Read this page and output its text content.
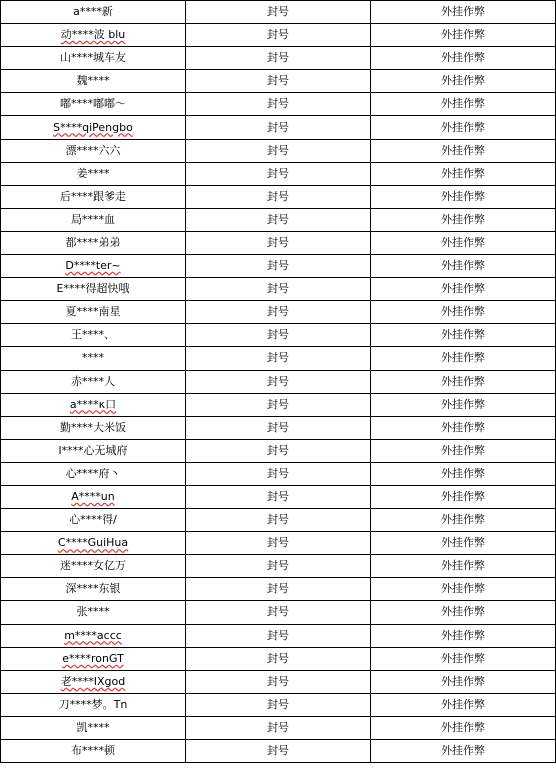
a****新	封号	外挂作弊
动****波 blu	封号	外挂作弊
山****城车友	封号	外挂作弊
魏****	封号	外挂作弊
嘟****嘟嘟～	封号	外挂作弊
S****qiPengbo	封号	外挂作弊
漂****六六	封号	外挂作弊
姜****	封号	外挂作弊
后****跟爹走	封号	外挂作弊
局****血	封号	外挂作弊
都****弟弟	封号	外挂作弊
D****ter~	封号	外挂作弊
E****得超快哦	封号	外挂作弊
夏****南星	封号	外挂作弊
王****、	封号	外挂作弊
****	封号	外挂作弊
赤****人	封号	外挂作弊
a****κ口	封号	外挂作弊
勤****大米饭	封号	外挂作弊
l****心无城府	封号	外挂作弊
心****府丶	封号	外挂作弊
A****un	封号	外挂作弊
心****得/	封号	外挂作弊
C****GuiHua	封号	外挂作弊
迷****女亿万	封号	外挂作弊
深****东银	封号	外挂作弊
张****	封号	外挂作弊
m****accc	封号	外挂作弊
e****ronGT	封号	外挂作弊
老****IXgod	封号	外挂作弊
刀****梦。Tn	封号	外挂作弊
凯****	封号	外挂作弊
布****顿	封号	外挂作弊
